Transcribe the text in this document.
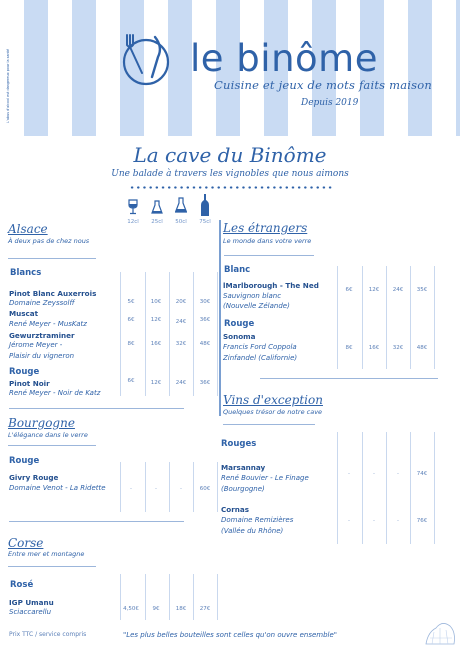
L'abus d'alcool est dangereux pour la santé	le binôme
Cuisine et jeux de mots faits maison
Depuis 2019
La cave du Binôme
Une balade à travers les vignobles que nous aimons
12cl	25cl	50cl	75cl
Alsace
À deux pas de chez nous
Blancs
Pinot Blanc Auxerrois
Domaine Zeyssolff	5€	10€	20€	30€
Muscat
René Meyer - MusKatz	6€	12€	24€	36€
Gewurztraminer
Jérome Meyer -
Plaisir du vigneron
8€	16€	32€	48€
Rouge
Pinot Noir
René Meyer - Noir de Katz
6€	12€	24€	36€
Bourgogne
L'élégance dans le verre
Rouge
Givry Rouge
Domaine Venot - La Ridette	-	-	-	60€
Corse
Entre mer et montagne
Rosé
IGP Umanu
Sciaccarellu	4,50€	9€	18€	27€
Les étrangers
Le monde dans votre verre
Blanc
lMarlborough - The Ned
Sauvignon blanc
(Nouvelle Zélande)
6€	12€	24€	35€
Rouge
Sonoma
Francis Ford Coppola
Zinfandel (Californie)
8€	16€	32€	48€
Vins d'exception
Quelques trésor de notre cave
Rouges
Marsannay
René Bouvier - Le Finage
(Bourgogne)
-	-	-	74€
Cornas
Domaine Remizières
(Vallée du Rhône)
-	-	-	76€
Prix TTC / service compris	"Les plus belles bouteilles sont celles qu'on ouvre ensemble"
